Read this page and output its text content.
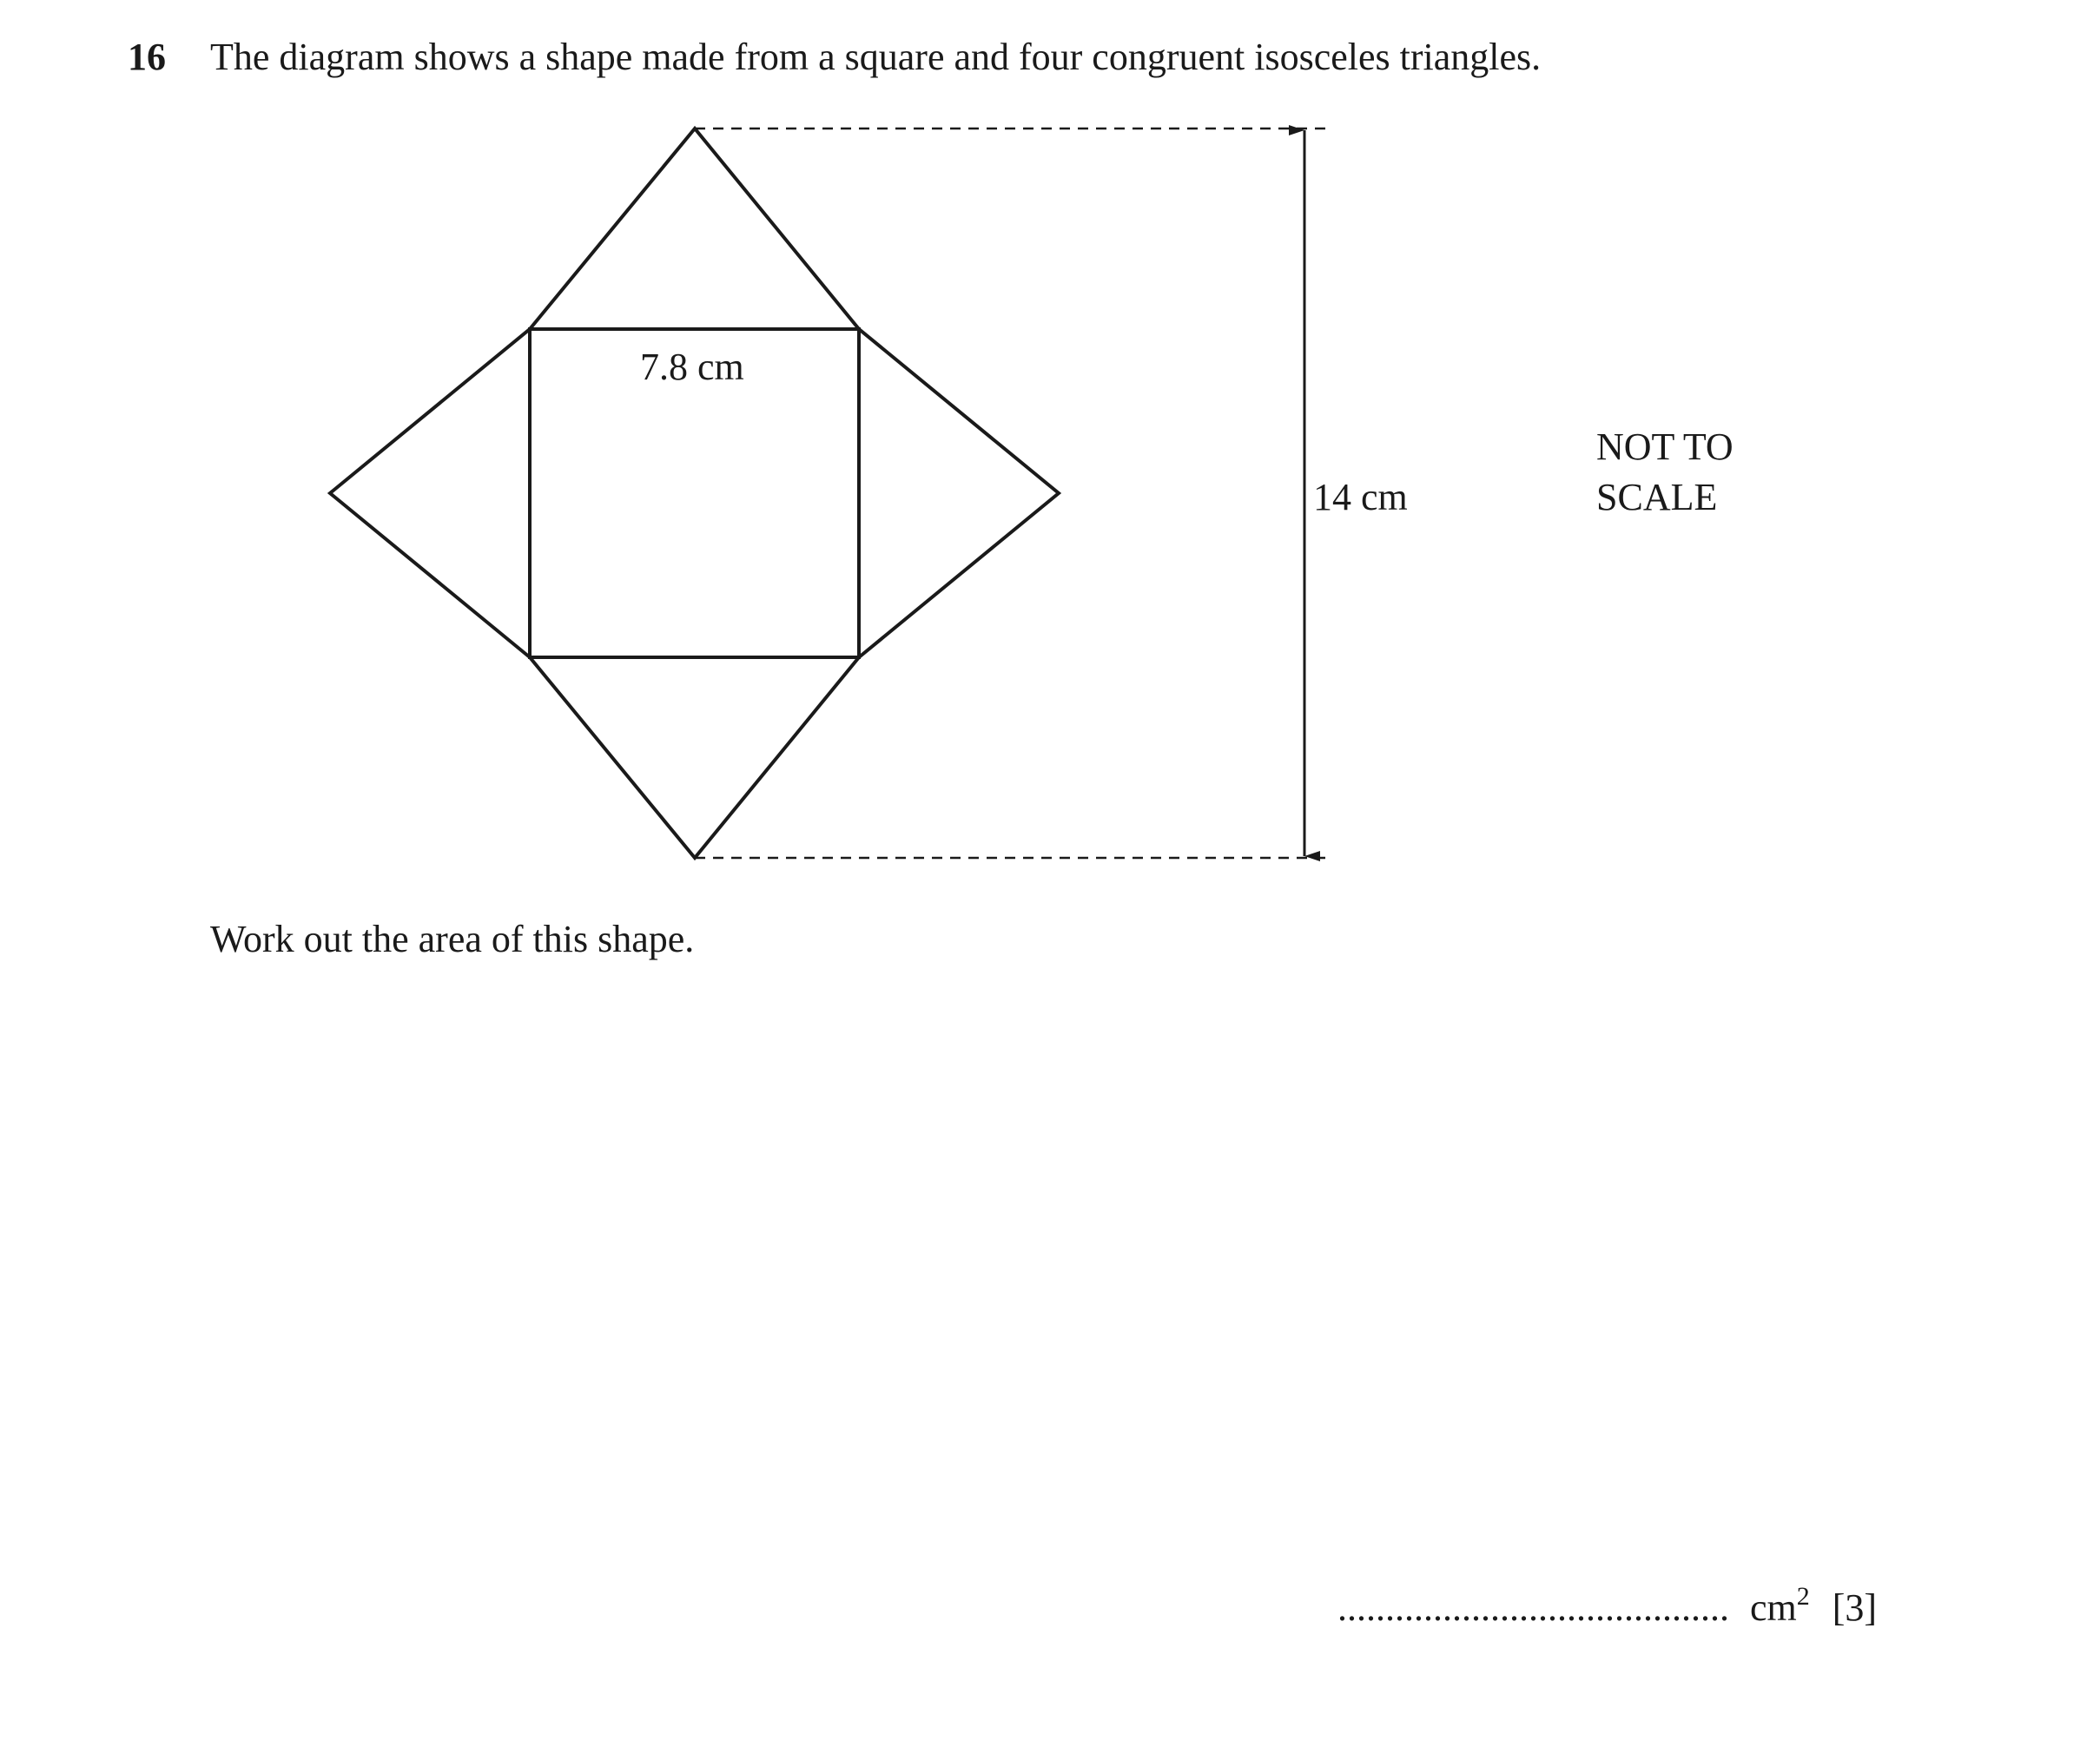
16 The diagram shows a shape made from a square and four congruent isosceles triangles.
7.8 cm
14 cm
NOT TO
SCALE
Work out the area of this shape.
......................................... $cm^2$ [3]
